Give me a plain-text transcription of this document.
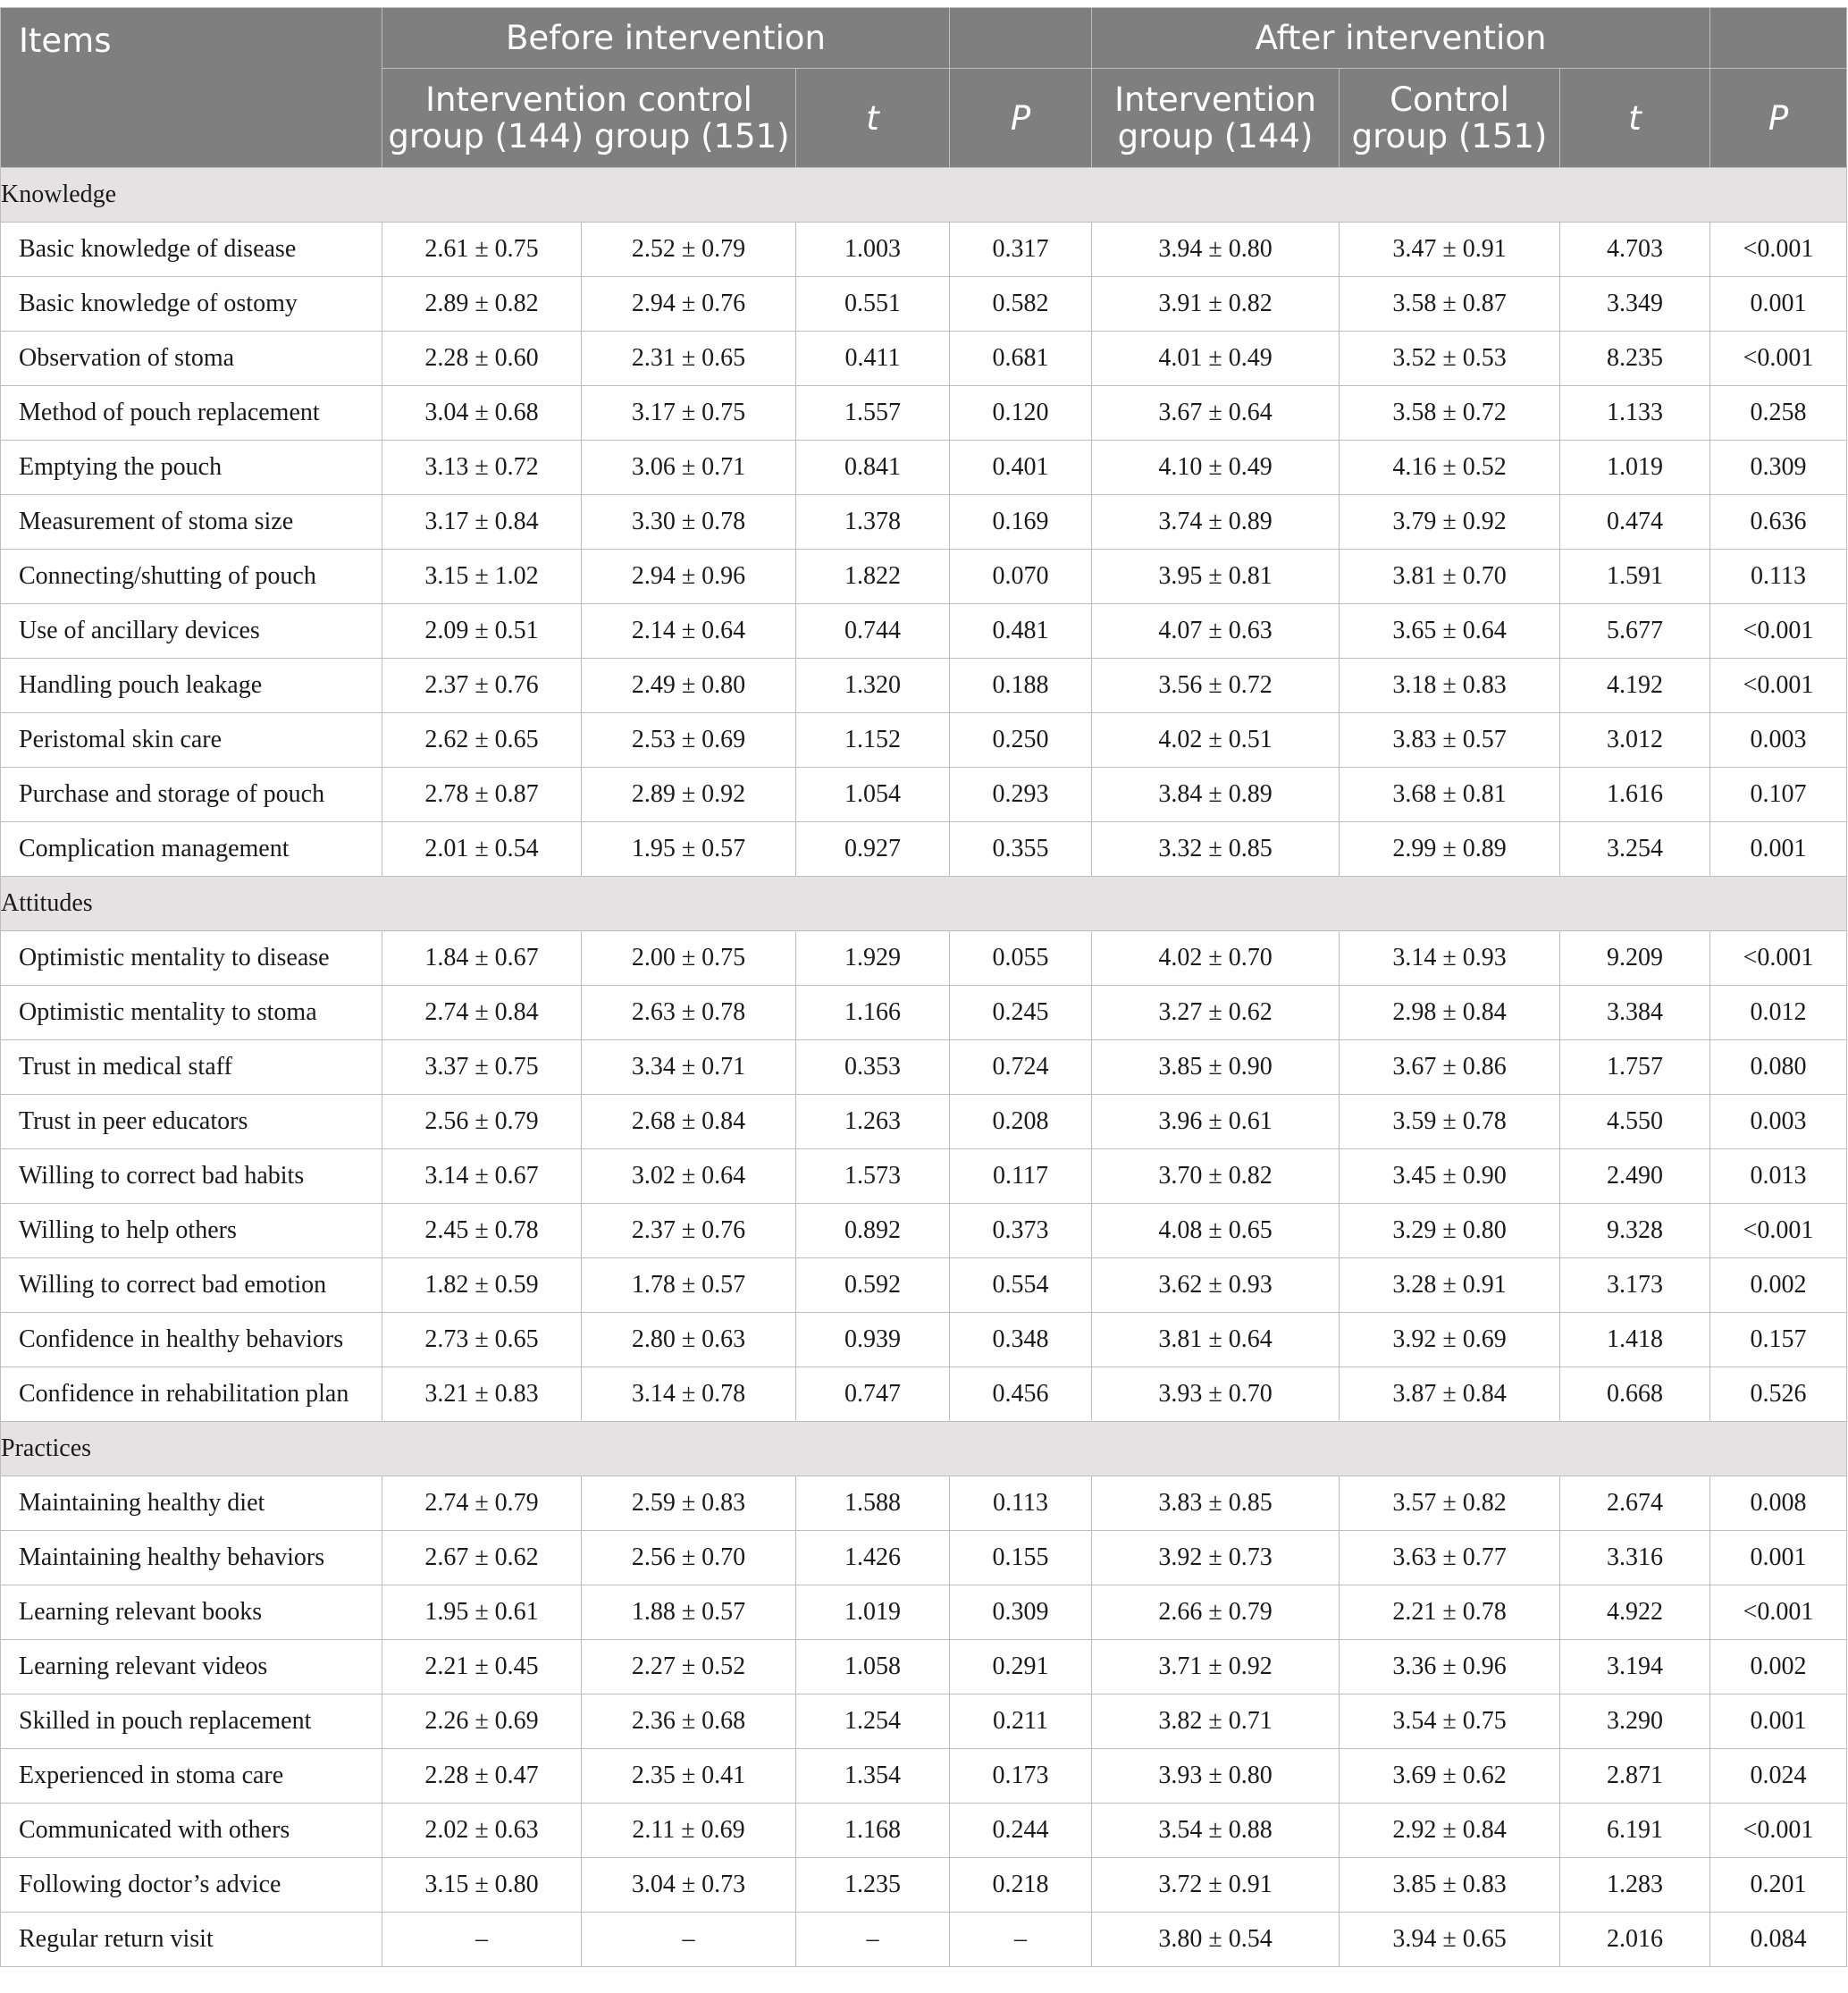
Items	Before intervention				After intervention			
	Intervention control group (144) group (151)		t	P	Intervention group (144)	Control group (151)	t	P
Knowledge								
Basic knowledge of disease	2.61 ± 0.75	2.52 ± 0.79	1.003	0.317	3.94 ± 0.80	3.47 ± 0.91	4.703	<0.001
Basic knowledge of ostomy	2.89 ± 0.82	2.94 ± 0.76	0.551	0.582	3.91 ± 0.82	3.58 ± 0.87	3.349	0.001
Observation of stoma	2.28 ± 0.60	2.31 ± 0.65	0.411	0.681	4.01 ± 0.49	3.52 ± 0.53	8.235	<0.001
Method of pouch replacement	3.04 ± 0.68	3.17 ± 0.75	1.557	0.120	3.67 ± 0.64	3.58 ± 0.72	1.133	0.258
Emptying the pouch	3.13 ± 0.72	3.06 ± 0.71	0.841	0.401	4.10 ± 0.49	4.16 ± 0.52	1.019	0.309
Measurement of stoma size	3.17 ± 0.84	3.30 ± 0.78	1.378	0.169	3.74 ± 0.89	3.79 ± 0.92	0.474	0.636
Connecting/shutting of pouch	3.15 ± 1.02	2.94 ± 0.96	1.822	0.070	3.95 ± 0.81	3.81 ± 0.70	1.591	0.113
Use of ancillary devices	2.09 ± 0.51	2.14 ± 0.64	0.744	0.481	4.07 ± 0.63	3.65 ± 0.64	5.677	<0.001
Handling pouch leakage	2.37 ± 0.76	2.49 ± 0.80	1.320	0.188	3.56 ± 0.72	3.18 ± 0.83	4.192	<0.001
Peristomal skin care	2.62 ± 0.65	2.53 ± 0.69	1.152	0.250	4.02 ± 0.51	3.83 ± 0.57	3.012	0.003
Purchase and storage of pouch	2.78 ± 0.87	2.89 ± 0.92	1.054	0.293	3.84 ± 0.89	3.68 ± 0.81	1.616	0.107
Complication management	2.01 ± 0.54	1.95 ± 0.57	0.927	0.355	3.32 ± 0.85	2.99 ± 0.89	3.254	0.001
Attitudes								
Optimistic mentality to disease	1.84 ± 0.67	2.00 ± 0.75	1.929	0.055	4.02 ± 0.70	3.14 ± 0.93	9.209	<0.001
Optimistic mentality to stoma	2.74 ± 0.84	2.63 ± 0.78	1.166	0.245	3.27 ± 0.62	2.98 ± 0.84	3.384	0.012
Trust in medical staff	3.37 ± 0.75	3.34 ± 0.71	0.353	0.724	3.85 ± 0.90	3.67 ± 0.86	1.757	0.080
Trust in peer educators	2.56 ± 0.79	2.68 ± 0.84	1.263	0.208	3.96 ± 0.61	3.59 ± 0.78	4.550	0.003
Willing to correct bad habits	3.14 ± 0.67	3.02 ± 0.64	1.573	0.117	3.70 ± 0.82	3.45 ± 0.90	2.490	0.013
Willing to help others	2.45 ± 0.78	2.37 ± 0.76	0.892	0.373	4.08 ± 0.65	3.29 ± 0.80	9.328	<0.001
Willing to correct bad emotion	1.82 ± 0.59	1.78 ± 0.57	0.592	0.554	3.62 ± 0.93	3.28 ± 0.91	3.173	0.002
Confidence in healthy behaviors	2.73 ± 0.65	2.80 ± 0.63	0.939	0.348	3.81 ± 0.64	3.92 ± 0.69	1.418	0.157
Confidence in rehabilitation plan	3.21 ± 0.83	3.14 ± 0.78	0.747	0.456	3.93 ± 0.70	3.87 ± 0.84	0.668	0.526
Practices								
Maintaining healthy diet	2.74 ± 0.79	2.59 ± 0.83	1.588	0.113	3.83 ± 0.85	3.57 ± 0.82	2.674	0.008
Maintaining healthy behaviors	2.67 ± 0.62	2.56 ± 0.70	1.426	0.155	3.92 ± 0.73	3.63 ± 0.77	3.316	0.001
Learning relevant books	1.95 ± 0.61	1.88 ± 0.57	1.019	0.309	2.66 ± 0.79	2.21 ± 0.78	4.922	<0.001
Learning relevant videos	2.21 ± 0.45	2.27 ± 0.52	1.058	0.291	3.71 ± 0.92	3.36 ± 0.96	3.194	0.002
Skilled in pouch replacement	2.26 ± 0.69	2.36 ± 0.68	1.254	0.211	3.82 ± 0.71	3.54 ± 0.75	3.290	0.001
Experienced in stoma care	2.28 ± 0.47	2.35 ± 0.41	1.354	0.173	3.93 ± 0.80	3.69 ± 0.62	2.871	0.024
Communicated with others	2.02 ± 0.63	2.11 ± 0.69	1.168	0.244	3.54 ± 0.88	2.92 ± 0.84	6.191	<0.001
Following doctor’s advice	3.15 ± 0.80	3.04 ± 0.73	1.235	0.218	3.72 ± 0.91	3.85 ± 0.83	1.283	0.201
Regular return visit	–	–	–	–	3.80 ± 0.54	3.94 ± 0.65	2.016	0.084
